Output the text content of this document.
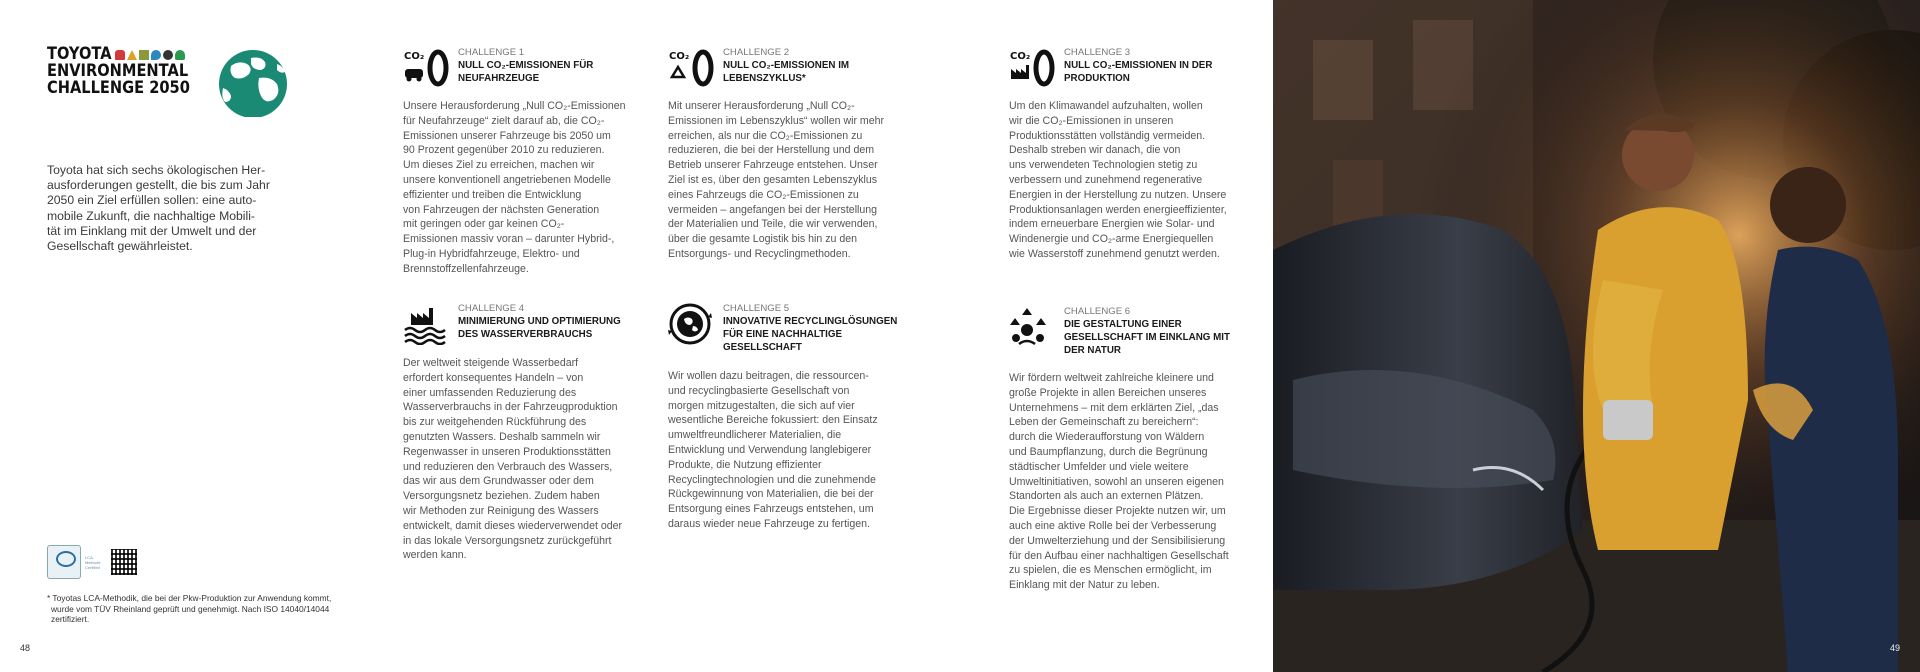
TOYOTA
ENVIRONMENTAL
CHALLENGE 2050
Toyota hat sich sechs ökologischen Her-
ausforderungen gestellt, die bis zum Jahr
2050 ein Ziel erfüllen sollen: eine auto-
mobile Zukunft, die nachhaltige Mobili-
tät im Einklang mit der Umwelt und der
Gesellschaft gewährleistet.
CO₂	CHALLENGE 1
NULL CO₂-EMISSIONEN FÜR
NEUFAHRZEUGE
Unsere Herausforderung „Null CO₂-Emissionen
für Neufahrzeuge“ zielt darauf ab, die CO₂-
Emissionen unserer Fahrzeuge bis 2050 um
90 Prozent gegenüber 2010 zu reduzieren.
Um dieses Ziel zu erreichen, machen wir
unsere konventionell angetriebenen Modelle
effizienter und treiben die Entwicklung
von Fahrzeugen der nächsten Generation
mit geringen oder gar keinen CO₂-
Emissionen massiv voran – darunter Hybrid-,
Plug-in Hybridfahrzeuge, Elektro- und
Brennstoffzellenfahrzeuge.
CO₂	CHALLENGE 2
NULL CO₂-EMISSIONEN IM
LEBENSZYKLUS*
Mit unserer Herausforderung „Null CO₂-
Emissionen im Lebenszyklus“ wollen wir mehr
erreichen, als nur die CO₂-Emissionen zu
reduzieren, die bei der Herstellung und dem
Betrieb unserer Fahrzeuge entstehen. Unser
Ziel ist es, über den gesamten Lebenszyklus
eines Fahrzeugs die CO₂-Emissionen zu
vermeiden – angefangen bei der Herstellung
der Materialien und Teile, die wir verwenden,
über die gesamte Logistik bis hin zu den
Entsorgungs- und Recyclingmethoden.
CO₂	CHALLENGE 3
NULL CO₂-EMISSIONEN IN DER
PRODUKTION
Um den Klimawandel aufzuhalten, wollen
wir die CO₂-Emissionen in unseren
Produktionsstätten vollständig vermeiden.
Deshalb streben wir danach, die von
uns verwendeten Technologien stetig zu
verbessern und zunehmend regenerative
Energien in der Herstellung zu nutzen. Unsere
Produktionsanlagen werden energieeffizienter,
indem erneuerbare Energien wie Solar- und
Windenergie und CO₂-arme Energiequellen
wie Wasserstoff zunehmend genutzt werden.
CHALLENGE 4
MINIMIERUNG UND OPTIMIERUNG
DES WASSERVERBRAUCHS
Der weltweit steigende Wasserbedarf
erfordert konsequentes Handeln – von
einer umfassenden Reduzierung des
Wasserverbrauchs in der Fahrzeugproduktion
bis zur weitgehenden Rückführung des
genutzten Wassers. Deshalb sammeln wir
Regenwasser in unseren Produktionsstätten
und reduzieren den Verbrauch des Wassers,
das wir aus dem Grundwasser oder dem
Versorgungsnetz beziehen. Zudem haben
wir Methoden zur Reinigung des Wassers
entwickelt, damit dieses wiederverwendet oder
in das lokale Versorgungsnetz zurückgeführt
werden kann.
CHALLENGE 5
INNOVATIVE RECYCLINGLÖSUNGEN
FÜR EINE NACHHALTIGE
GESELLSCHAFT
Wir wollen dazu beitragen, die ressourcen-
und recyclingbasierte Gesellschaft von
morgen mitzugestalten, die sich auf vier
wesentliche Bereiche fokussiert: den Einsatz
umweltfreundlicherer Materialien, die
Entwicklung und Verwendung langlebigerer
Produkte, die Nutzung effizienter
Recyclingtechnologien und die zunehmende
Rückgewinnung von Materialien, die bei der
Entsorgung eines Fahrzeugs entstehen, um
daraus wieder neue Fahrzeuge zu fertigen.
CHALLENGE 6
DIE GESTALTUNG EINER
GESELLSCHAFT IM EINKLANG MIT
DER NATUR
Wir fördern weltweit zahlreiche kleinere und
große Projekte in allen Bereichen unseres
Unternehmens – mit dem erklärten Ziel, „das
Leben der Gemeinschaft zu bereichern“:
durch die Wiederaufforstung von Wäldern
und Baumpflanzung, durch die Begrünung
städtischer Umfelder und viele weitere
Umweltinitiativen, sowohl an unseren eigenen
Standorten als auch an externen Plätzen.
Die Ergebnisse dieser Projekte nutzen wir, um
auch eine aktive Rolle bei der Verbesserung
der Umwelterziehung und der Sensibilisierung
für den Aufbau einer nachhaltigen Gesellschaft
zu spielen, die es Menschen ermöglicht, im
Einklang mit der Natur zu leben.
LCA-Methode Certified
* Toyotas LCA-Methodik, die bei der Pkw-Produktion zur Anwendung kommt,
wurde vom TÜV Rheinland geprüft und genehmigt. Nach ISO 14040/14044
zertifiziert.
48	49
